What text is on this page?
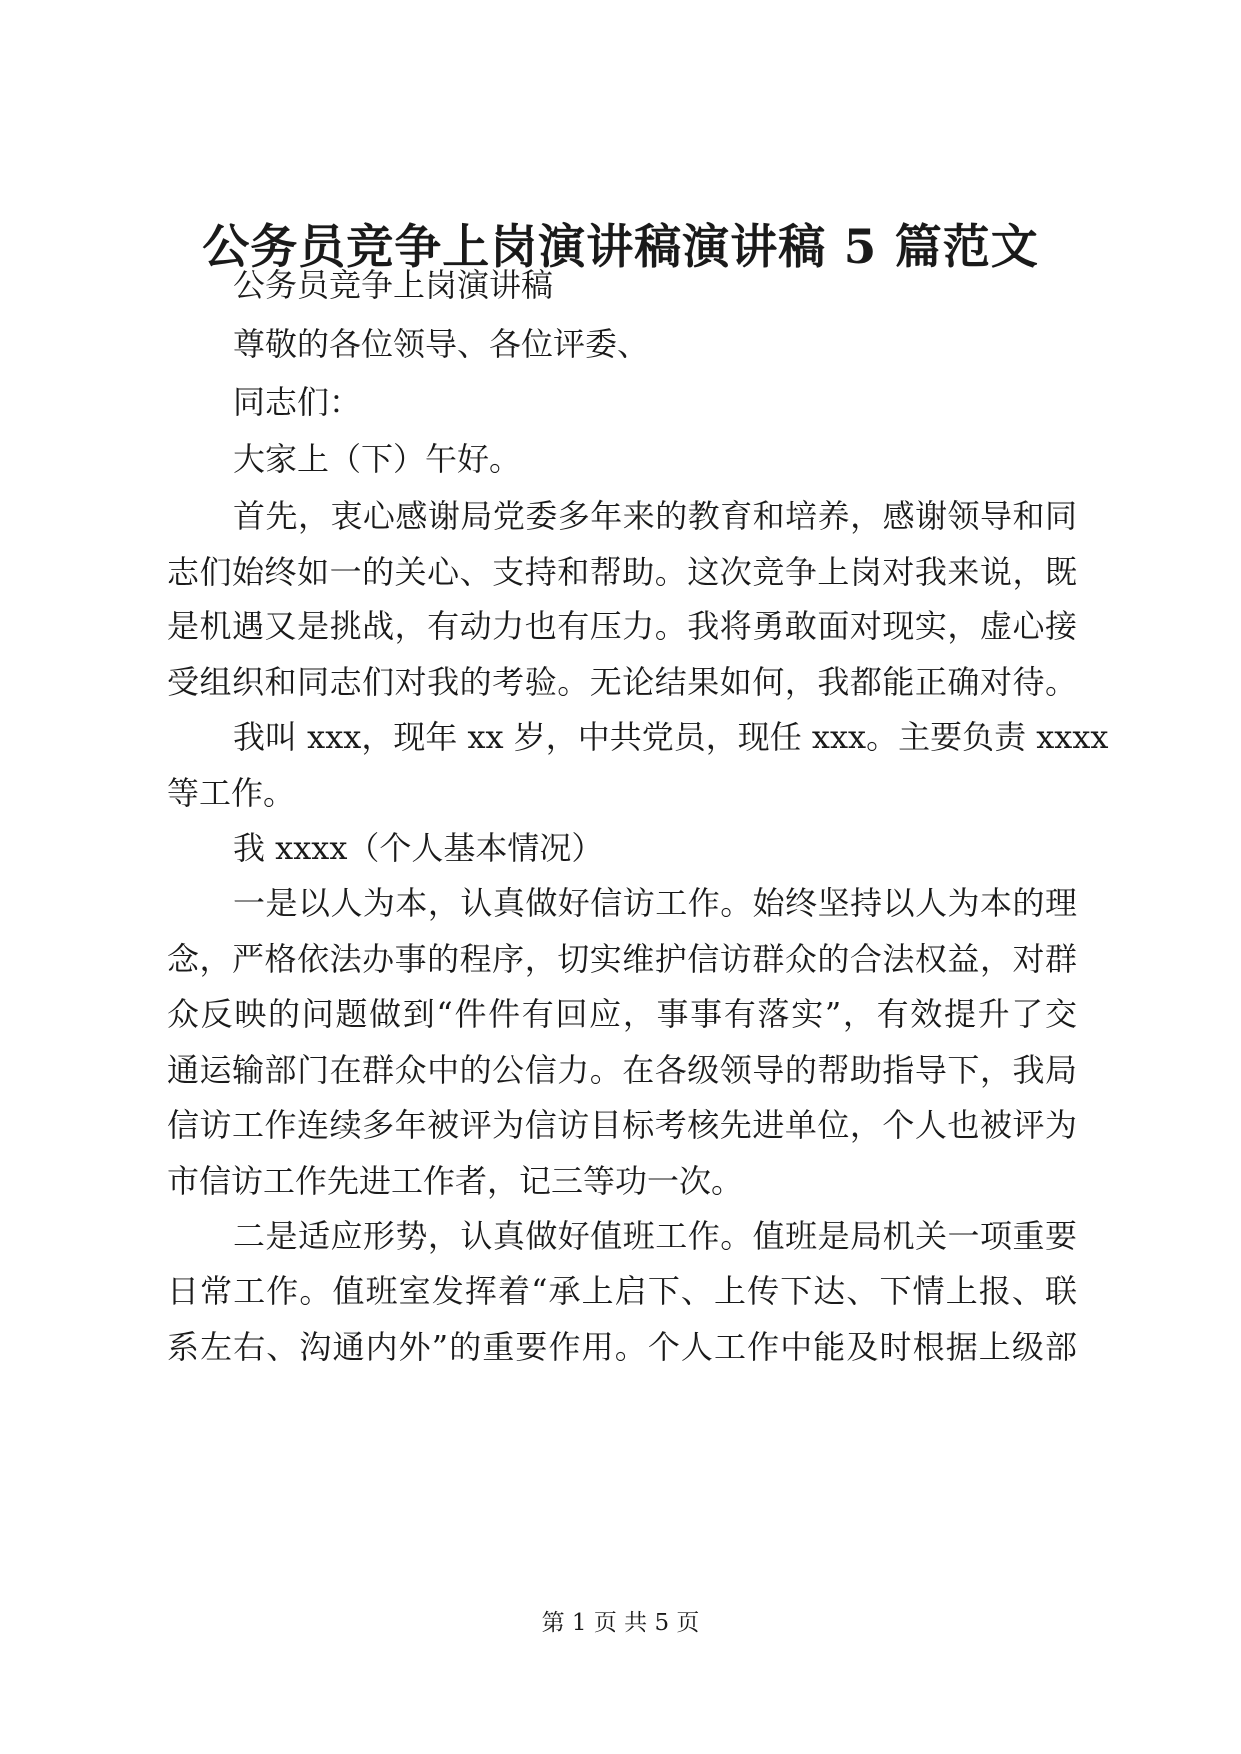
公务员竞争上岗演讲稿演讲稿 5 篇范文

公务员竞争上岗演讲稿

尊敬的各位领导、各位评委、

同志们：

大家上（下）午好。

首先，衷心感谢局党委多年来的教育和培养，感谢领导和同

志们始终如一的关心、支持和帮助。这次竞争上岗对我来说，既

是机遇又是挑战，有动力也有压力。我将勇敢面对现实，虚心接

受组织和同志们对我的考验。无论结果如何，我都能正确对待。

我叫 xxx，现年 xx 岁，中共党员，现任 xxx。主要负责 xxxx

等工作。

我 xxxx（个人基本情况）

一是以人为本，认真做好信访工作。始终坚持以人为本的理

念，严格依法办事的程序，切实维护信访群众的合法权益，对群

众反映的问题做到“件件有回应，事事有落实”，有效提升了交

通运输部门在群众中的公信力。在各级领导的帮助指导下，我局

信访工作连续多年被评为信访目标考核先进单位，个人也被评为

市信访工作先进工作者，记三等功一次。

二是适应形势，认真做好值班工作。值班是局机关一项重要

日常工作。值班室发挥着“承上启下、上传下达、下情上报、联

系左右、沟通内外”的重要作用。个人工作中能及时根据上级部

第 1 页 共 5 页
